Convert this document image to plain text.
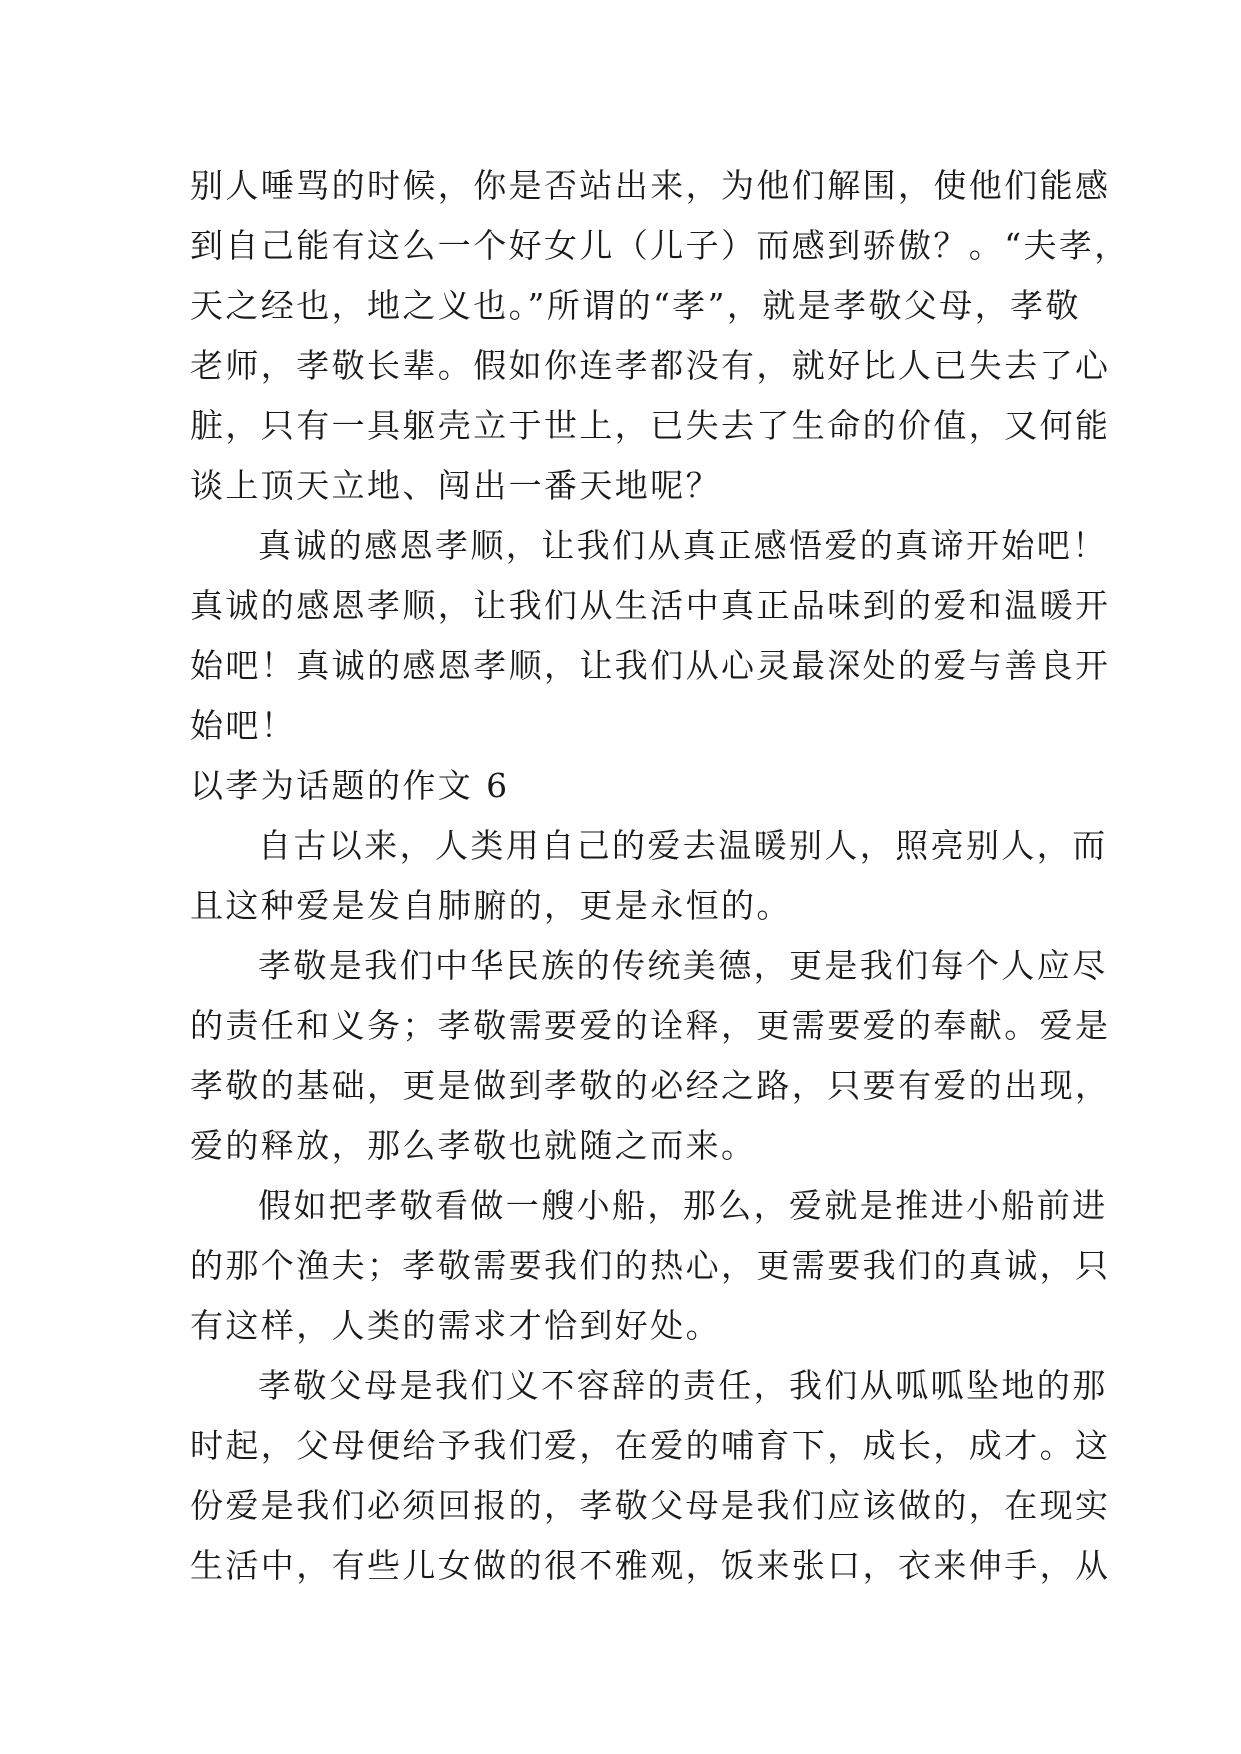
别人唾骂的时候，你是否站出来，为他们解围，使他们能感
到自己能有这么一个好女儿（儿子）而感到骄傲？。“夫孝，
天之经也，地之义也。”所谓的“孝”，就是孝敬父母，孝敬
老师，孝敬长辈。假如你连孝都没有，就好比人已失去了心
脏，只有一具躯壳立于世上，已失去了生命的价值，又何能
谈上顶天立地、闯出一番天地呢？
真诚的感恩孝顺，让我们从真正感悟爱的真谛开始吧！
真诚的感恩孝顺，让我们从生活中真正品味到的爱和温暖开
始吧！真诚的感恩孝顺，让我们从心灵最深处的爱与善良开
始吧！
以孝为话题的作文 6
自古以来，人类用自己的爱去温暖别人，照亮别人，而
且这种爱是发自肺腑的，更是永恒的。
孝敬是我们中华民族的传统美德，更是我们每个人应尽
的责任和义务；孝敬需要爱的诠释，更需要爱的奉献。爱是
孝敬的基础，更是做到孝敬的必经之路，只要有爱的出现，
爱的释放，那么孝敬也就随之而来。
假如把孝敬看做一艘小船，那么，爱就是推进小船前进
的那个渔夫；孝敬需要我们的热心，更需要我们的真诚，只
有这样，人类的需求才恰到好处。
孝敬父母是我们义不容辞的责任，我们从呱呱坠地的那
时起，父母便给予我们爱，在爱的哺育下，成长，成才。这
份爱是我们必须回报的，孝敬父母是我们应该做的，在现实
生活中，有些儿女做的很不雅观，饭来张口，衣来伸手，从
